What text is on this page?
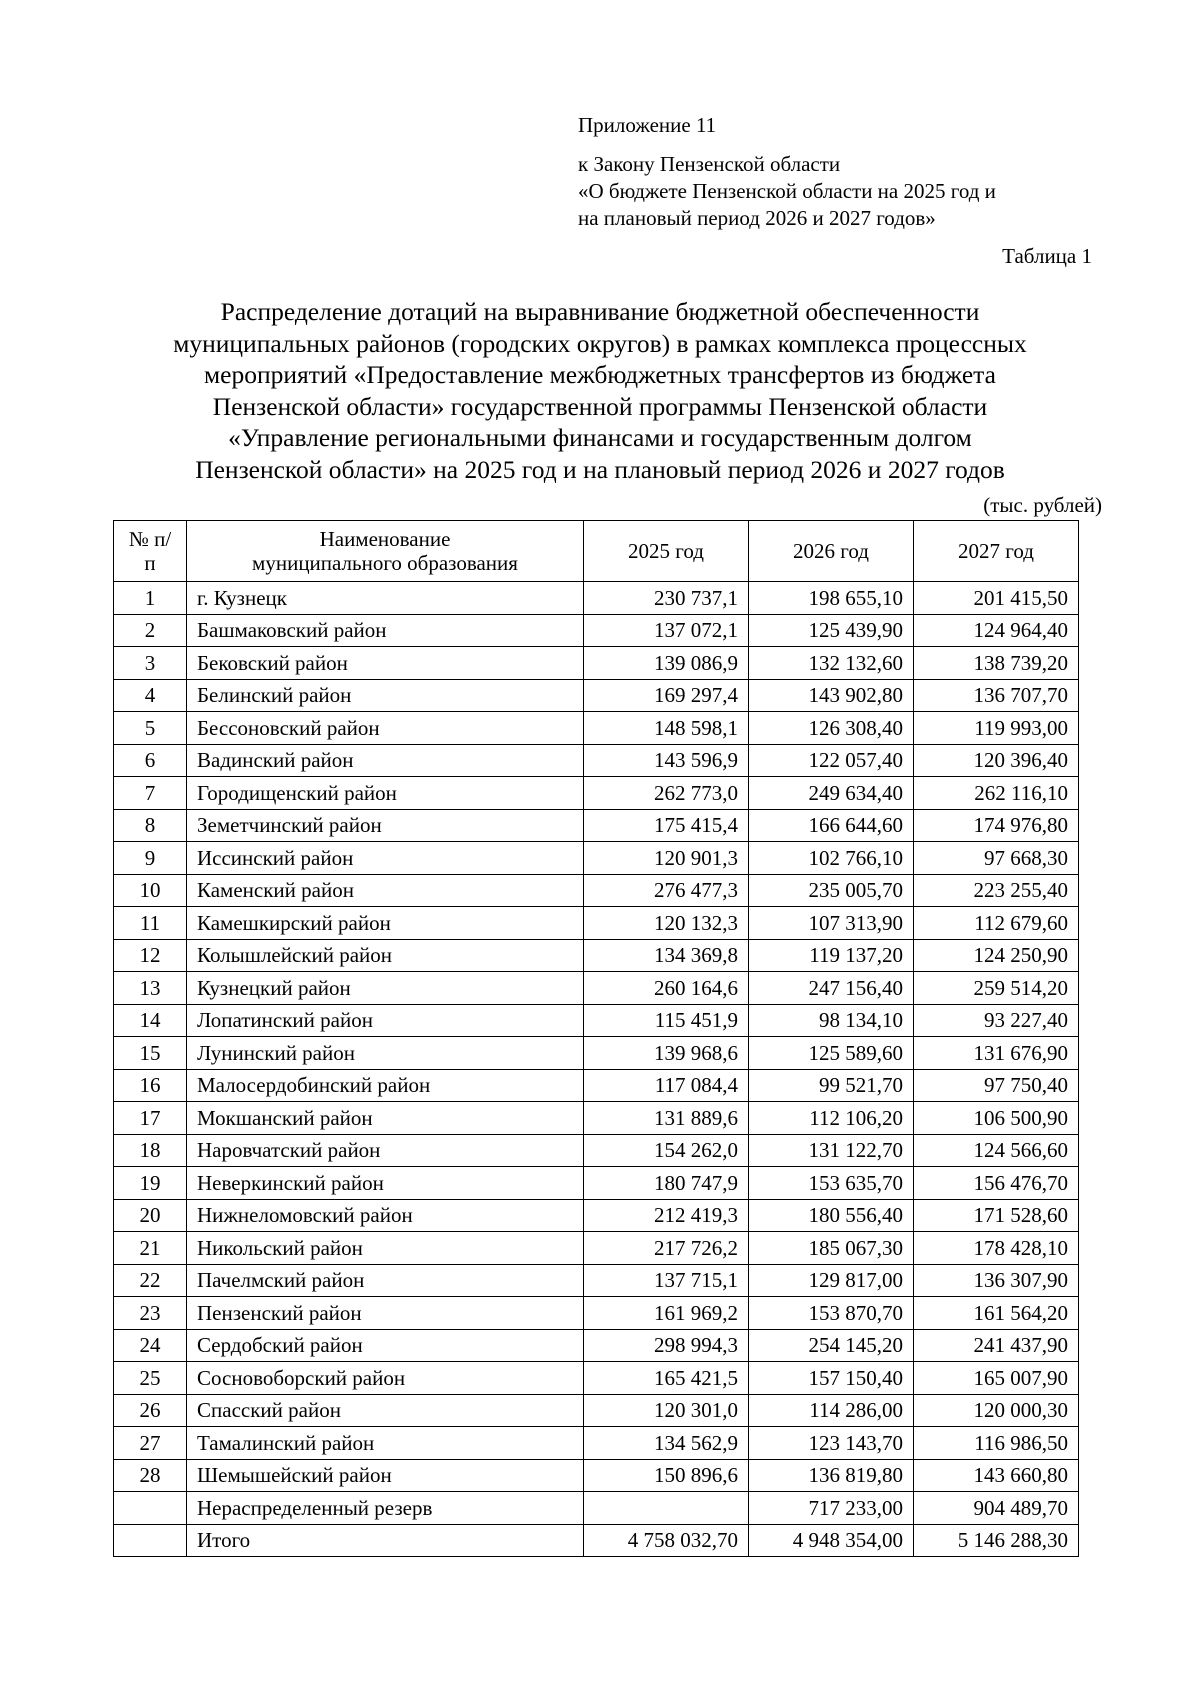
Приложение 11
к Закону Пензенской области
«О бюджете Пензенской области на 2025 год и
на плановый период 2026 и 2027 годов»
Таблица 1
Распределение дотаций на выравнивание бюджетной обеспеченности
муниципальных районов (городских округов) в рамках комплекса процессных
мероприятий «Предоставление межбюджетных трансфертов из бюджета
Пензенской области» государственной программы Пензенской области
«Управление региональными финансами и государственным долгом
Пензенской области» на 2025 год и на плановый период 2026 и 2027 годов
(тыс. рублей)
№ п/п	Наименование муниципального образования	2025 год	2026 год	2027 год
1	г. Кузнецк	230 737,1	198 655,10	201 415,50
2	Башмаковский район	137 072,1	125 439,90	124 964,40
3	Бековский район	139 086,9	132 132,60	138 739,20
4	Белинский район	169 297,4	143 902,80	136 707,70
5	Бессоновский район	148 598,1	126 308,40	119 993,00
6	Вадинский район	143 596,9	122 057,40	120 396,40
7	Городищенский район	262 773,0	249 634,40	262 116,10
8	Земетчинский район	175 415,4	166 644,60	174 976,80
9	Иссинский район	120 901,3	102 766,10	97 668,30
10	Каменский район	276 477,3	235 005,70	223 255,40
11	Камешкирский район	120 132,3	107 313,90	112 679,60
12	Колышлейский район	134 369,8	119 137,20	124 250,90
13	Кузнецкий район	260 164,6	247 156,40	259 514,20
14	Лопатинский район	115 451,9	98 134,10	93 227,40
15	Лунинский район	139 968,6	125 589,60	131 676,90
16	Малосердобинский район	117 084,4	99 521,70	97 750,40
17	Мокшанский район	131 889,6	112 106,20	106 500,90
18	Наровчатский район	154 262,0	131 122,70	124 566,60
19	Неверкинский район	180 747,9	153 635,70	156 476,70
20	Нижнеломовский район	212 419,3	180 556,40	171 528,60
21	Никольский район	217 726,2	185 067,30	178 428,10
22	Пачелмский район	137 715,1	129 817,00	136 307,90
23	Пензенский район	161 969,2	153 870,70	161 564,20
24	Сердобский район	298 994,3	254 145,20	241 437,90
25	Сосновоборский район	165 421,5	157 150,40	165 007,90
26	Спасский район	120 301,0	114 286,00	120 000,30
27	Тамалинский район	134 562,9	123 143,70	116 986,50
28	Шемышейский район	150 896,6	136 819,80	143 660,80
	Нераспределенный резерв		717 233,00	904 489,70
	Итого	4 758 032,70	4 948 354,00	5 146 288,30
